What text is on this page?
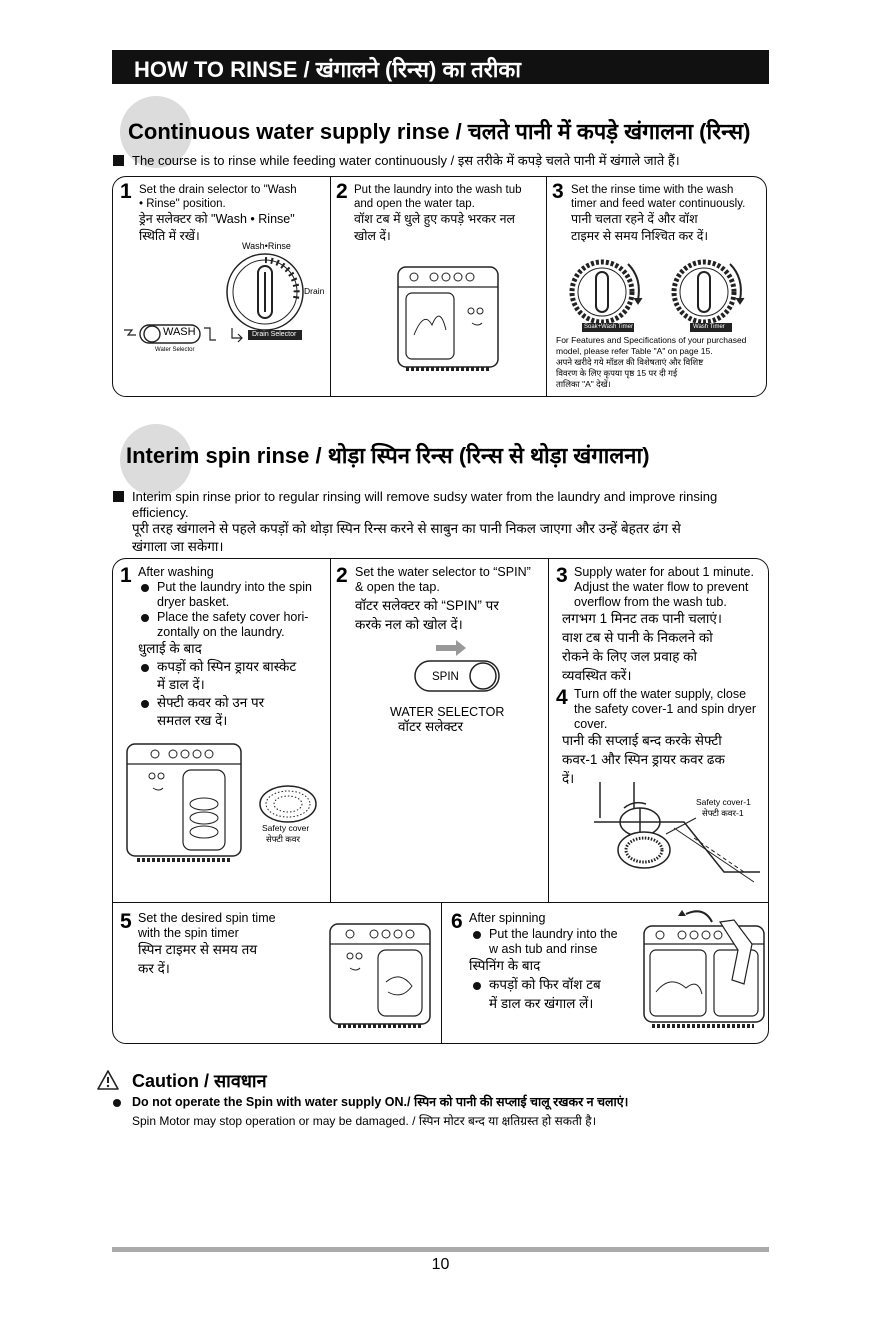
HOW TO RINSE / खंगालने (रिन्स) का तरीका
Continuous water supply rinse / चलते पानी में कपड़े खंगालना (रिन्स)
The course is to rinse while feeding water continuously / इस तरीके में कपड़े चलते पानी में खंगाले जाते हैं।
1 Set the drain selector to "Wash
• Rinse" position.
ड्रेन सलेक्टर को "Wash • Rinse"
स्थिति में रखें।
Wash•Rinse
Drain
WASH
Water Selector
Drain Selector
2 Put the laundry into the wash tub
and open the water tap.
वॉश टब में धुले हुए कपड़े भरकर नल
खोल दें।
3 Set the rinse time with the wash
timer and feed water continuously.
पानी चलता रहने दें और वॉश
टाइमर से समय निश्चित कर दें।
Soak+Wash Timer	Wash Timer
For Features and Specifications of your purchased
model, please refer Table "A" on page 15.
अपने खरीदे गये मॉडल की विशेषताएं और विशिष्ट
विवरण के लिए कृपया पृष्ठ 15 पर दी गई
तालिका "A" देखें।
Interim spin rinse / थोड़ा स्पिन रिन्स (रिन्स से थोड़ा खंगालना)
Interim spin rinse prior to regular rinsing will remove sudsy water from the laundry and improve rinsing
efficiency.
पूरी तरह खंगालने से पहले कपड़ों को थोड़ा स्पिन रिन्स करने से साबुन का पानी निकल जाएगा और उन्हें बेहतर ढंग से
खंगाला जा सकेगा।
1 After washing
Put the laundry into the spin
dryer basket.
Place the safety cover hori-
zontally on the laundry.
धुलाई के बाद
कपड़ों को स्पिन ड्रायर बास्केट
में डाल दें।
सेफ्टी कवर को उन पर
समतल रख दें।
Safety cover
सेफ्टी कवर
2 Set the water selector to “SPIN”
& open the tap.
वॉटर सलेक्टर को “SPIN” पर
करके नल को खोल दें।
SPIN
WATER SELECTOR
वॉटर सलेक्टर
3 Supply water for about 1 minute.
Adjust the water flow to prevent
overflow from the wash tub.
लगभग 1 मिनट तक पानी चलाएं।
वाश टब से पानी के निकलने को
रोकने के लिए जल प्रवाह को
व्यवस्थित करें।
4 Turn off the water supply, close
the safety cover-1 and spin dryer
cover.
पानी की सप्लाई बन्द करके सेफ्टी
कवर-1 और स्पिन ड्रायर कवर ढक
दें।
Safety cover-1
सेफ्टी कवर-1
5 Set the desired spin time
with the spin timer
स्पिन टाइमर से समय तय
कर दें।
6 After spinning
Put the laundry into the
w ash tub and rinse
स्पिनिंग के बाद
कपड़ों को फिर वॉश टब
में डाल कर खंगाल लें।
Caution / सावधान
Do not operate the Spin with water supply ON./ स्पिन को पानी की सप्लाई चालू रखकर न चलाएं।
Spin Motor may stop operation or may be damaged. / स्पिन मोटर बन्द या क्षतिग्रस्त हो सकती है।
10
